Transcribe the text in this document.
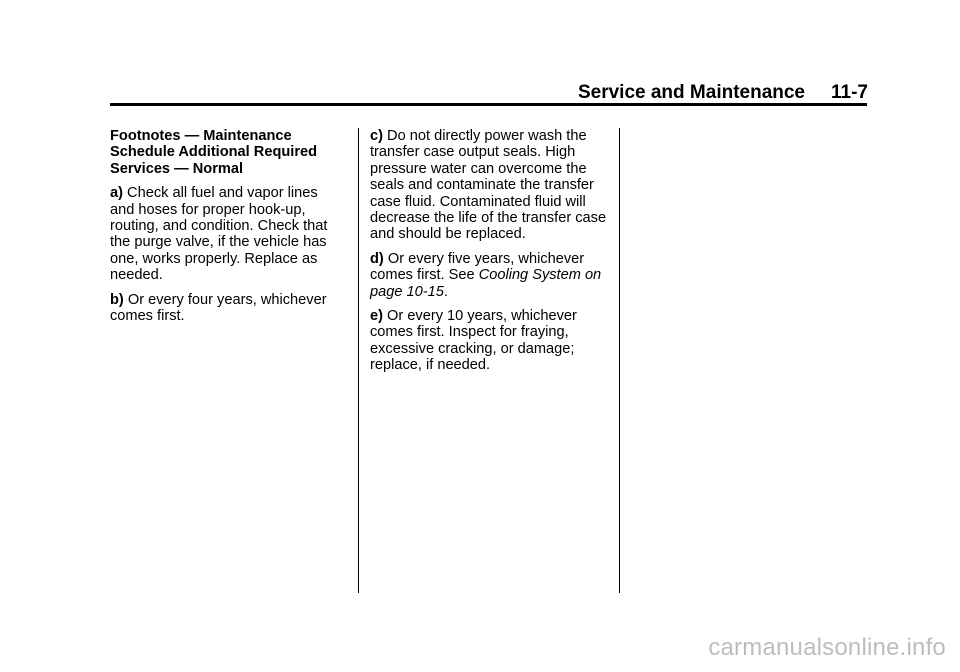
Service and Maintenance 11-7

Footnotes — Maintenance Schedule Additional Required Services — Normal

a) Check all fuel and vapor lines and hoses for proper hook-up, routing, and condition. Check that the purge valve, if the vehicle has one, works properly. Replace as needed.

b) Or every four years, whichever comes first.

c) Do not directly power wash the transfer case output seals. High pressure water can overcome the seals and contaminate the transfer case fluid. Contaminated fluid will decrease the life of the transfer case and should be replaced.

d) Or every five years, whichever comes first. See Cooling System on page 10-15.

e) Or every 10 years, whichever comes first. Inspect for fraying, excessive cracking, or damage; replace, if needed.

carmanualsonline.info
